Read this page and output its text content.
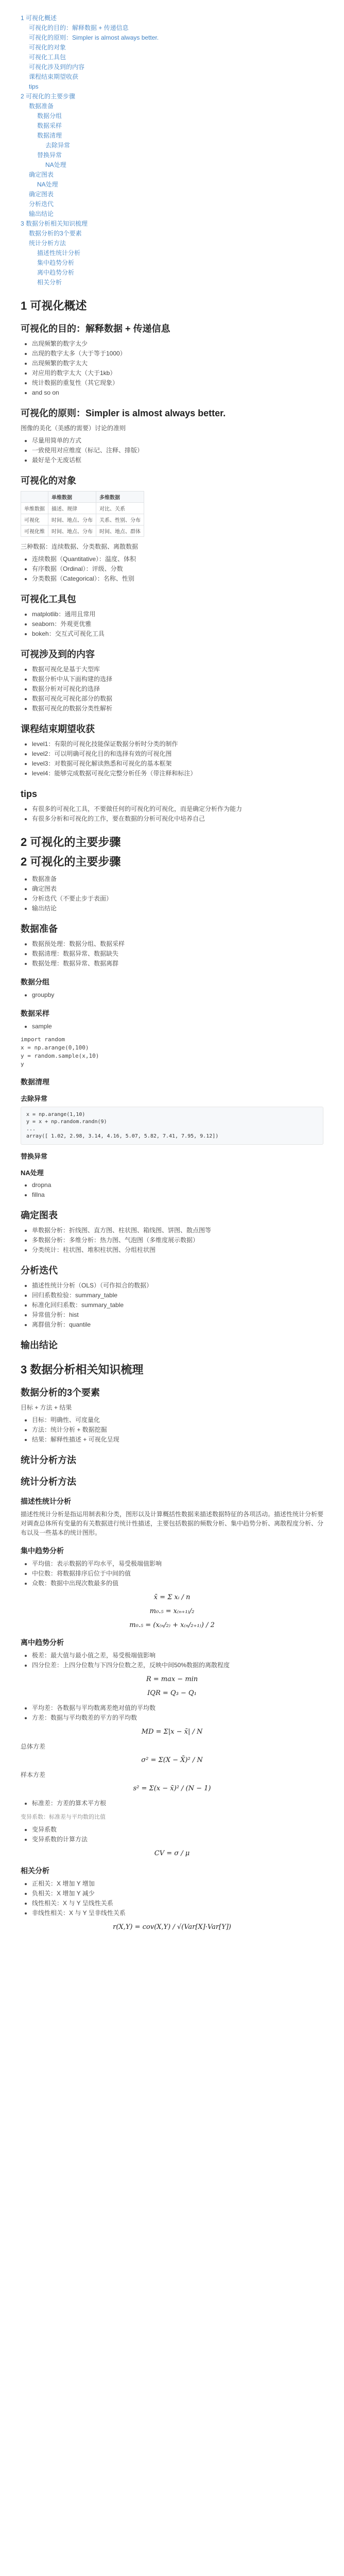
1 可视化概述
可视化的目的：解释数据 + 传递信息
可视化的原则：Simpler is almost always better.
可视化的对象
可视化工具包
可视化涉及到的内容
课程结束期望收获
tips
2 可视化的主要步骤
数据准备
数据分组
数据采样
数据清理
去除异常
替换异常
NA处理
确定图表
NA处理
确定图表
分析迭代
输出结论
3 数据分析相关知识梳理
数据分析的3个要素
统计分析方法
描述性统计分析
集中趋势分析
离中趋势分析
相关分析
1 可视化概述
可视化的目的：解释数据 + 传递信息
• 出现频繁的数字太少
• 出现的数字太多（大于等于1000）
• 出现频繁的数字太大
• 对应用的数字太大（大于1kb）
• 统计数据的重复性（其它现象）
• and so on
可视化的原则：Simpler is almost always better.

图像的美化（美感的需要）讨论的准则

• 尽量用简单的方式
• 一致使用对应维度（标记、注释、排版）
• 最好是个无废话框
可视化的对象
	单维数据	多维数据
单维数据	描述、规律	对比、关系
可视化	时间、地点、分布	关系、性别、分布
可视化维	时间、地点、分布	时间、地点、群体

三种数据：连续数据、分类数据、离散数据

• 连续数据（Quantitative）：温度、体积
• 有序数据（Ordinal）：评级、分数
• 分类数据（Categorical）：名称、性别
可视化工具包
• matplotlib：通用且常用
• seaborn：外观更优雅
• bokeh：交互式可视化工具
可视涉及到的内容
• 数据可视化是基于大型库
• 数据分析中从下面构建的选择
• 数据分析对可视化的选择
• 数据可视化可视化部分的数据
• 数据可视化的数据分类性解析
课程结束期望收获
• level1：有限的可视化技能保证数据分析时分类的制作
• level2：可以明确可视化目的和选择有效的可视化图
• level3：对数据可视化解读熟悉和可视化的基本框架
• level4：能够完成数据可视化完整分析任务（带注释和标注）
tips
• 有很多的可视化工具，不要做任何的可视化的可视化，而是确定分析作为能力
• 有很多分析和可视化的工作，要在数据的分析可视化中培养自己
2 可视化的主要步骤
2 可视化的主要步骤
• 数据准备
• 确定图表
• 分析迭代（不要止步于表面）
• 输出结论
数据准备
• 数据预处理：数据分组、数据采样
• 数据清理：数据异常、数据缺失
• 数据处理：数据异常、数据离群
数据分组
• groupby
数据采样
• sample
import random
x = np.arange(0,100)
y = random.sample(x,10)
y
数据清理
去除异常
x = np.arange(1,10)
y = x + np.random.randn(9)
...
array([ 1.02, 2.98, 3.14, 4.16, 5.07, 5.82, 7.41, 7.95, 9.12])
替换异常
NA处理
• dropna
• fillna
确定图表
• 单数据分析：折线图、直方图、柱状图、箱线图、饼图、散点图等
• 多数据分析：多维分析：热力图、气泡图（多维度展示数据）
• 分类统计：柱状图、堆积柱状图、分组柱状图
分析迭代
• 描述性统计分析（OLS）（可作拟合的数据）
• 回归系数检验：summary_table
• 标准化回归系数：summary_table
• 异常值分析：hist
• 离群值分析：quantile
输出结论
3 数据分析相关知识梳理
数据分析的3个要素

目标 + 方法 + 结果

• 目标：明确性、可度量化
• 方法：统计分析 + 数据挖掘
• 结果：解释性描述 + 可视化呈现
统计分析方法
统计分析方法
描述性统计分析

描述性统计分析是指运用制表和分类，图形以及计算概括性数据来描述数据特征的各项活动。描述性统计分析要对调查总体所有变量的有关数据进行统计性描述，主要包括数据的频数分析、集中趋势分析、离散程度分析、分布以及一些基本的统计图形。

集中趋势分析
• 平均值：表示数据的平均水平，易受极端值影响
• 中位数：将数据排序后位于中间的值
• 众数：数据中出现次数最多的值
x̄ = Σ xᵢ / n
m₀.₅ = x₍ₙ₊₁₎/₂
m₀.₅ = (x₍ₙ/₂₎ + x₍ₙ/₂₊₁₎) / 2
离中趋势分析
• 极差：最大值与最小值之差，易受极端值影响
• 四分位差：上四分位数与下四分位数之差，反映中间50%数据的离散程度
R = max − min
IQR = Q₃ − Q₁
• 平均差：各数据与平均数离差绝对值的平均数
• 方差：数据与平均数差的平方的平均数
MD = Σ|x − x̄| / N

总体方差

σ² = Σ(X − X̄)² / N

样本方差

s² = Σ(x − x̄)² / (N − 1)
• 标准差：方差的算术平方根

变异系数：标准差与平均数的比值

• 变异系数
• 变异系数的计算方法
CV = σ / μ
相关分析
• 正相关：X 增加 Y 增加
• 负相关：X 增加 Y 减少
• 线性相关：X 与 Y 呈线性关系
• 非线性相关：X 与 Y 呈非线性关系
r(X,Y) = cov(X,Y) / √(Var[X]·Var[Y])
